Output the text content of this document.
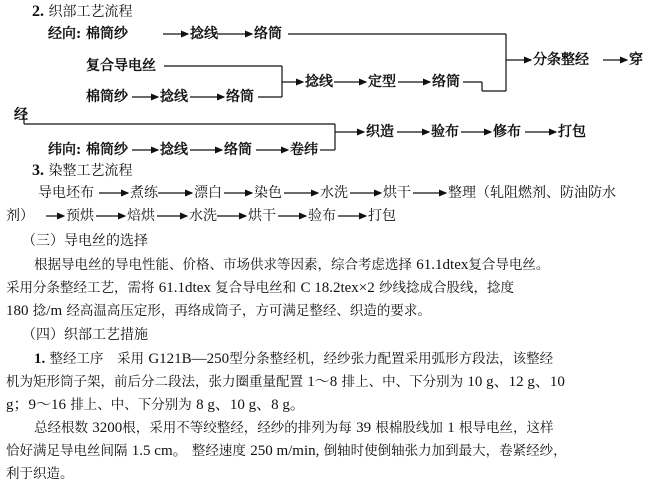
2. 织部工艺流程
经向: 棉筒纱	捻线	络筒
复合导电丝
捻线	定型	络筒
分条整经	穿
棉筒纱 捻线	络筒
经
纬向: 棉筒纱 捻线	络筒	卷纬
织造	验布 修布	打包
3. 染整工艺流程
导电坯布	煮练	漂白 染色	水洗	烘干	整理（轧阻燃剂、防油防水
剂） 预烘 焙烘 水洗 烘干 验布 打包
（三）导电丝的选择
根据导电丝的导电性能、价格、市场供求等因素，综合考虑选择 61.1dtex复合导电丝。
采用分条整经工艺，需将 61.1dtex 复合导电丝和 C 18.2tex×2 纱线捻成合股线，捻度
180 捻/m 经高温高压定形，再络成筒子，方可满足整经、织造的要求。
（四）织部工艺措施
1. 整经工序　采用 G121B—250型分条整经机，经纱张力配置采用弧形方段法，该整经
机为矩形筒子架，前后分二段法，张力圈重量配置 1～8 排上、中、下分别为 10 g、12 g、10
g；9～16 排上、中、下分别为 8 g、10 g、8 g。
总经根数 3200根，采用不等绞整经，经纱的排列为每 39 根棉股线加 1 根导电丝，这样
恰好满足导电丝间隔 1.5 cm。 整经速度 250 m/min, 倒轴时使倒轴张力加到最大，卷紧经纱，
利于织造。
